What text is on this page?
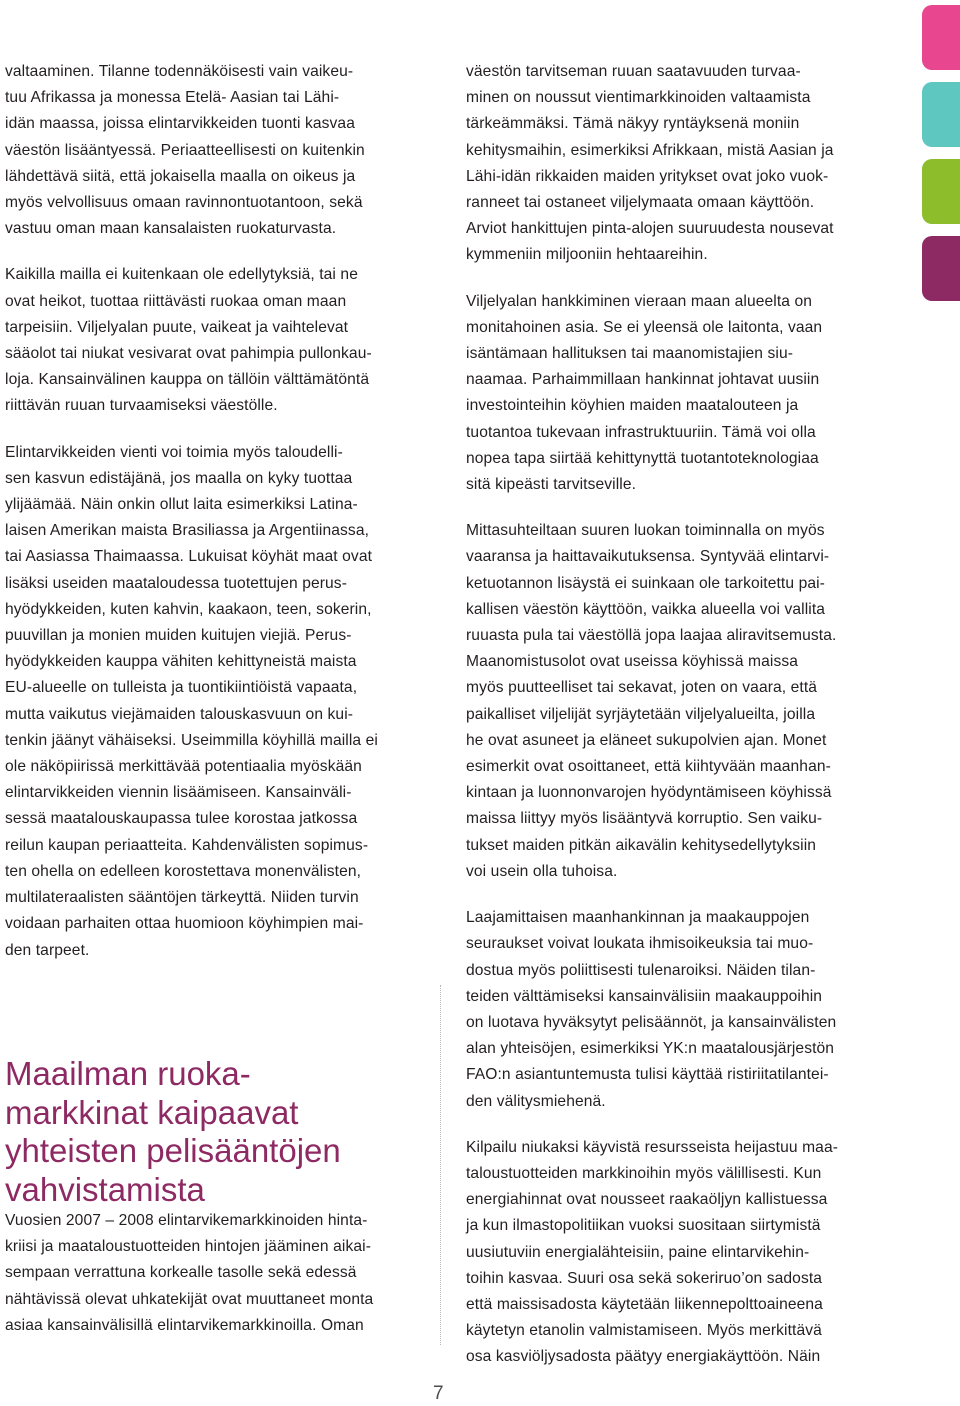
valtaaminen. Tilanne todennäköisesti vain vaikeu-
tuu Afrikassa ja monessa Etelä- Aasian tai Lähi-
idän maassa, joissa elintarvikkeiden tuonti kasvaa
väestön lisääntyessä. Periaatteellisesti on kuitenkin
lähdettävä siitä, että jokaisella maalla on oikeus ja
myös velvollisuus omaan ravinnontuotantoon, sekä
vastuu oman maan kansalaisten ruokaturvasta.

Kaikilla mailla ei kuitenkaan ole edellytyksiä, tai ne
ovat heikot, tuottaa riittävästi ruokaa oman maan
tarpeisiin. Viljelyalan puute, vaikeat ja vaihtelevat
sääolot tai niukat vesivarat ovat pahimpia pullonkau-
loja. Kansainvälinen kauppa on tällöin välttämätöntä
riittävän ruuan turvaamiseksi väestölle.

Elintarvikkeiden vienti voi toimia myös taloudelli-
sen kasvun edistäjänä, jos maalla on kyky tuottaa
ylijäämää. Näin onkin ollut laita esimerkiksi Latina-
laisen Amerikan maista Brasiliassa ja Argentiinassa,
tai Aasiassa Thaimaassa. Lukuisat köyhät maat ovat
lisäksi useiden maataloudessa tuotettujen perus-
hyödykkeiden, kuten kahvin, kaakaon, teen, sokerin,
puuvillan ja monien muiden kuitujen viejiä. Perus-
hyödykkeiden kauppa vähiten kehittyneistä maista
EU-alueelle on tulleista ja tuontikiintiöistä vapaata,
mutta vaikutus viejämaiden talouskasvuun on kui-
tenkin jäänyt vähäiseksi. Useimmilla köyhillä mailla ei
ole näköpiirissä merkittävää potentiaalia myöskään
elintarvikkeiden viennin lisäämiseen. Kansainväli-
sessä maatalouskaupassa tulee korostaa jatkossa
reilun kaupan periaatteita. Kahdenvälisten sopimus-
ten ohella on edelleen korostettava monenvälisten,
multilateraalisten sääntöjen tärkeyttä. Niiden turvin
voidaan parhaiten ottaa huomioon köyhimpien mai-
den tarpeet.

Maailman ruoka-
markkinat kaipaavat
yhteisten pelisääntöjen
vahvistamista
Vuosien 2007 – 2008 elintarvikemarkkinoiden hinta-
kriisi ja maataloustuotteiden hintojen jääminen aikai-
sempaan verrattuna korkealle tasolle sekä edessä
nähtävissä olevat uhkatekijät ovat muuttaneet monta
asiaa kansainvälisillä elintarvikemarkkinoilla. Oman

väestön tarvitseman ruuan saatavuuden turvaa-
minen on noussut vientimarkkinoiden valtaamista
tärkeämmäksi. Tämä näkyy ryntäyksenä moniin
kehitysmaihin, esimerkiksi Afrikkaan, mistä Aasian ja
Lähi-idän rikkaiden maiden yritykset ovat joko vuok-
ranneet tai ostaneet viljelymaata omaan käyttöön.
Arviot hankittujen pinta-alojen suuruudesta nousevat
kymmeniin miljooniin hehtaareihin.

Viljelyalan hankkiminen vieraan maan alueelta on
monitahoinen asia. Se ei yleensä ole laitonta, vaan
isäntämaan hallituksen tai maanomistajien siu-
naamaa. Parhaimmillaan hankinnat johtavat uusiin
investointeihin köyhien maiden maatalouteen ja
tuotantoa tukevaan infrastruktuuriin. Tämä voi olla
nopea tapa siirtää kehittynyttä tuotantoteknologiaa
sitä kipeästi tarvitseville.

Mittasuhteiltaan suuren luokan toiminnalla on myös
vaaransa ja haittavaikutuksensa. Syntyvää elintarvi-
ketuotannon lisäystä ei suinkaan ole tarkoitettu pai-
kallisen väestön käyttöön, vaikka alueella voi vallita
ruuasta pula tai väestöllä jopa laajaa aliravitsemusta.
Maanomistusolot ovat useissa köyhissä maissa
myös puutteelliset tai sekavat, joten on vaara, että
paikalliset viljelijät syrjäytetään viljelyalueilta, joilla
he ovat asuneet ja eläneet sukupolvien ajan. Monet
esimerkit ovat osoittaneet, että kiihtyvään maanhan-
kintaan ja luonnonvarojen hyödyntämiseen köyhissä
maissa liittyy myös lisääntyvä korruptio. Sen vaiku-
tukset maiden pitkän aikavälin kehitysedellytyksiin
voi usein olla tuhoisa.

Laajamittaisen maanhankinnan ja maakauppojen
seuraukset voivat loukata ihmisoikeuksia tai muo-
dostua myös poliittisesti tulenaroiksi. Näiden tilan-
teiden välttämiseksi kansainvälisiin maakauppoihin
on luotava hyväksytyt pelisäännöt, ja kansainvälisten
alan yhteisöjen, esimerkiksi YK:n maatalousjärjestön
FAO:n asiantuntemusta tulisi käyttää ristiriitatilantei-
den välitysmiehenä.

Kilpailu niukaksi käyvistä resursseista heijastuu maa-
taloustuotteiden markkinoihin myös välillisesti. Kun
energiahinnat ovat nousseet raakaöljyn kallistuessa
ja kun ilmastopolitiikan vuoksi suositaan siirtymistä
uusiutuviin energialähteisiin, paine elintarvikehin-
toihin kasvaa. Suuri osa sekä sokeriruo’on sadosta
että maissisadosta käytetään liikennepolttoaineena
käytetyn etanolin valmistamiseen. Myös merkittävä
osa kasviöljysadosta päätyy energiakäyttöön. Näin

7
